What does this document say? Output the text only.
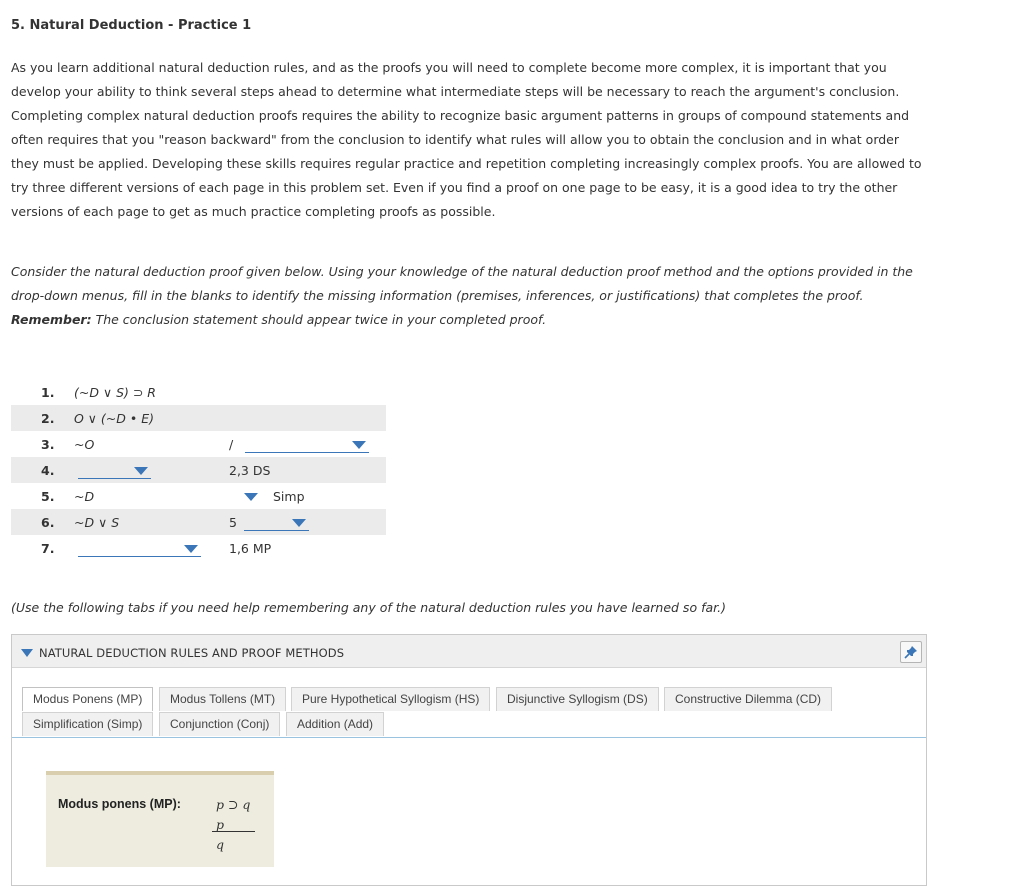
5. Natural Deduction - Practice 1
As you learn additional natural deduction rules, and as the proofs you will need to complete become more complex, it is important that you develop your ability to think several steps ahead to determine what intermediate steps will be necessary to reach the argument's conclusion. Completing complex natural deduction proofs requires the ability to recognize basic argument patterns in groups of compound statements and often requires that you "reason backward" from the conclusion to identify what rules will allow you to obtain the conclusion and in what order they must be applied. Developing these skills requires regular practice and repetition completing increasingly complex proofs. You are allowed to try three different versions of each page in this problem set. Even if you find a proof on one page to be easy, it is a good idea to try the other versions of each page to get as much practice completing proofs as possible.
Consider the natural deduction proof given below. Using your knowledge of the natural deduction proof method and the options provided in the drop-down menus, fill in the blanks to identify the missing information (premises, inferences, or justifications) that completes the proof. Remember: The conclusion statement should appear twice in your completed proof.
1. (~D ∨ S) ⊃ R
2. O ∨ (~D • E)
3. ~O	/
4.	2,3 DS
5. ~D	Simp
6. ~D ∨ S	5
7.	1,6 MP
(Use the following tabs if you need help remembering any of the natural deduction rules you have learned so far.)
NATURAL DEDUCTION RULES AND PROOF METHODS
Modus Ponens (MP)	Modus Tollens (MT)	Pure Hypothetical Syllogism (HS)	Disjunctive Syllogism (DS)	Constructive Dilemma (CD)
Simplification (Simp)	Conjunction (Conj)	Addition (Add)
Modus ponens (MP):	p ⊃ q
p
q
